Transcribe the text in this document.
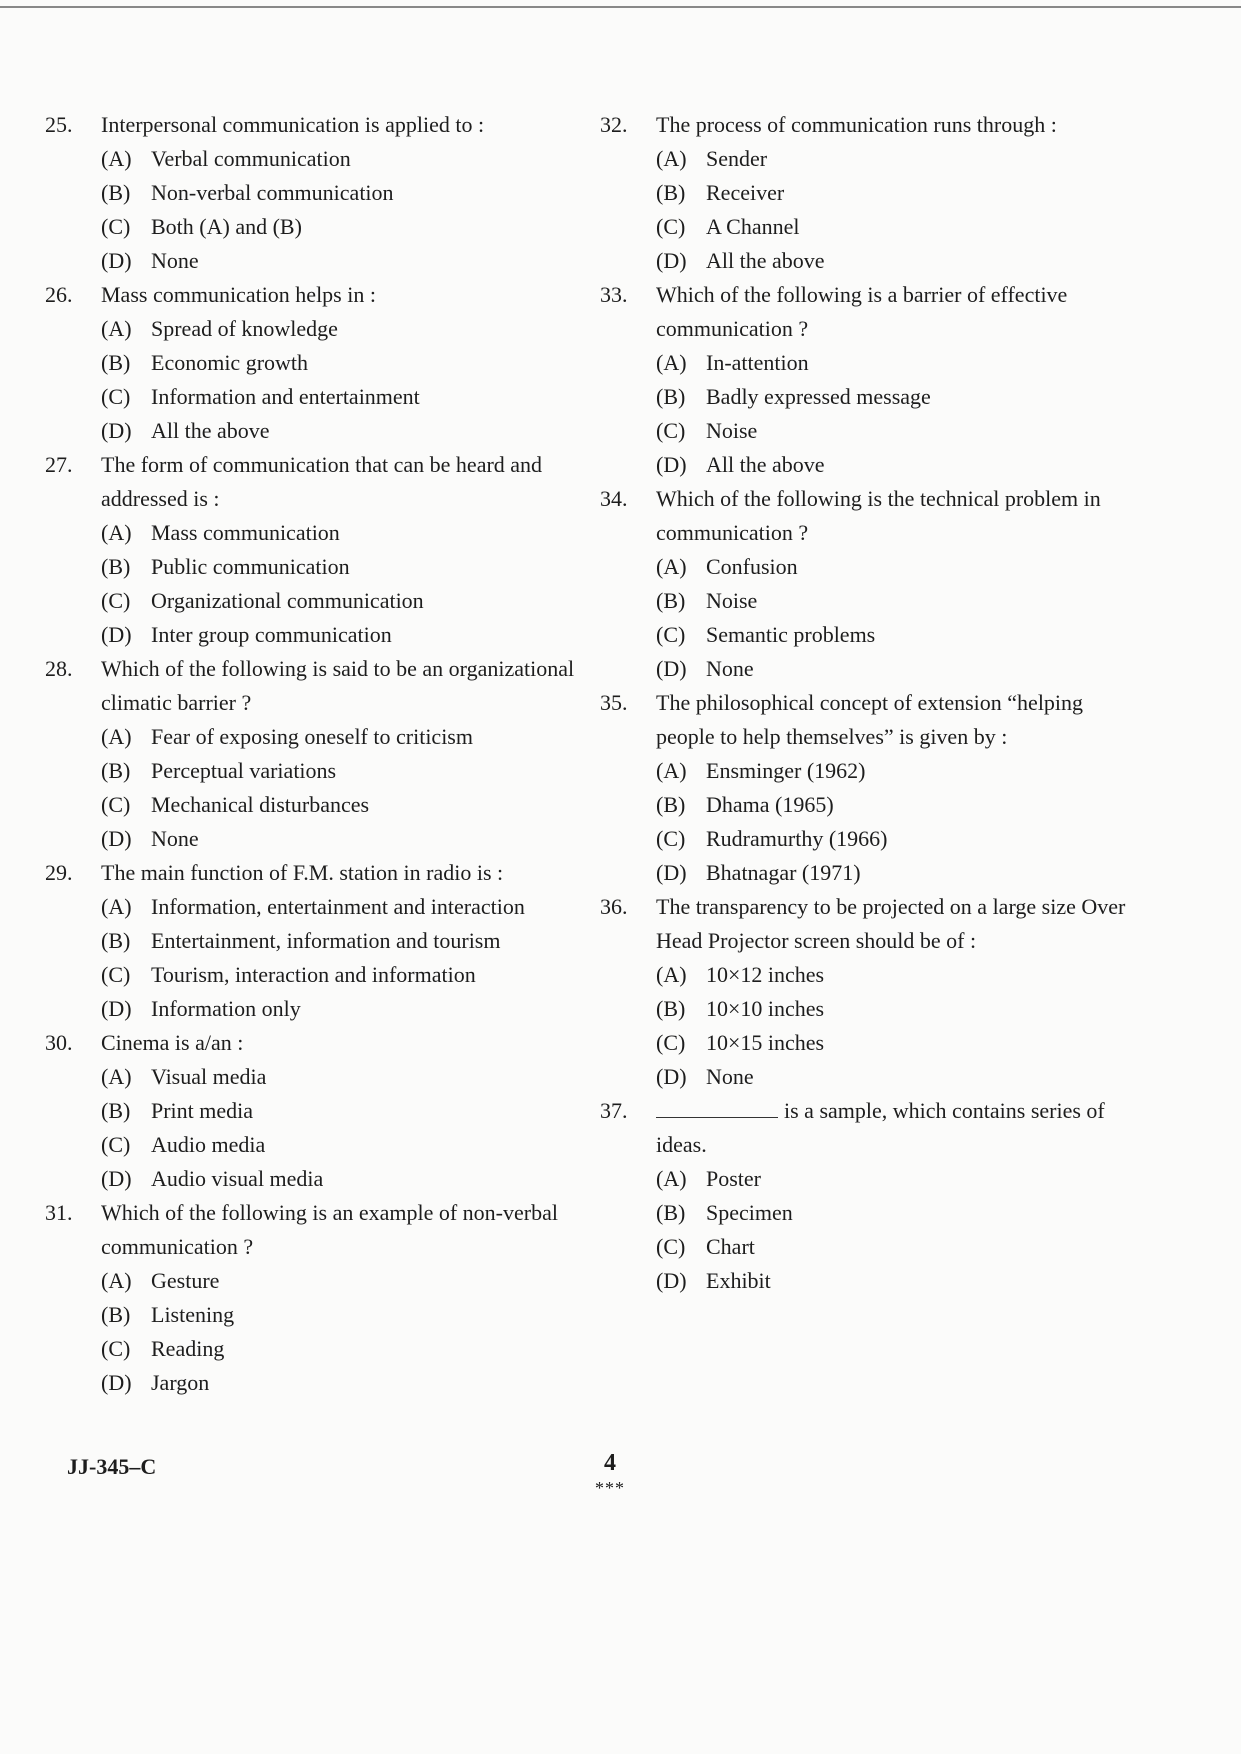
25.	Interpersonal communication is applied to :
(A) Verbal communication
(B) Non-verbal communication
(C) Both (A) and (B)
(D) None
26.	Mass communication helps in :
(A) Spread of knowledge
(B) Economic growth
(C) Information and entertainment
(D) All the above
27.	The form of communication that can be heard and addressed is :
(A) Mass communication
(B) Public communication
(C) Organizational communication
(D) Inter group communication
28.	Which of the following is said to be an organizational climatic barrier ?
(A) Fear of exposing oneself to criticism
(B) Perceptual variations
(C) Mechanical disturbances
(D) None
29.	The main function of F.M. station in radio is :
(A) Information, entertainment and interaction
(B) Entertainment, information and tourism
(C) Tourism, interaction and information
(D) Information only
30.	Cinema is a/an :
(A) Visual media
(B) Print media
(C) Audio media
(D) Audio visual media
31.	Which of the following is an example of non-verbal communication ?
(A) Gesture
(B) Listening
(C) Reading
(D) Jargon
32.	The process of communication runs through :
(A) Sender
(B) Receiver
(C) A Channel
(D) All the above
33.	Which of the following is a barrier of effective communication ?
(A) In-attention
(B) Badly expressed message
(C) Noise
(D) All the above
34.	Which of the following is the technical problem in communication ?
(A) Confusion
(B) Noise
(C) Semantic problems
(D) None
35.	The philosophical concept of extension “helping people to help themselves” is given by :
(A) Ensminger (1962)
(B) Dhama (1965)
(C) Rudramurthy (1966)
(D) Bhatnagar (1971)
36.	The transparency to be projected on a large size Over Head Projector screen should be of :
(A) 10×12 inches
(B) 10×10 inches
(C) 10×15 inches
(D) None
37.	is a sample, which contains series of ideas.
(A) Poster
(B) Specimen
(C) Chart
(D) Exhibit
JJ-345–C	4
***
